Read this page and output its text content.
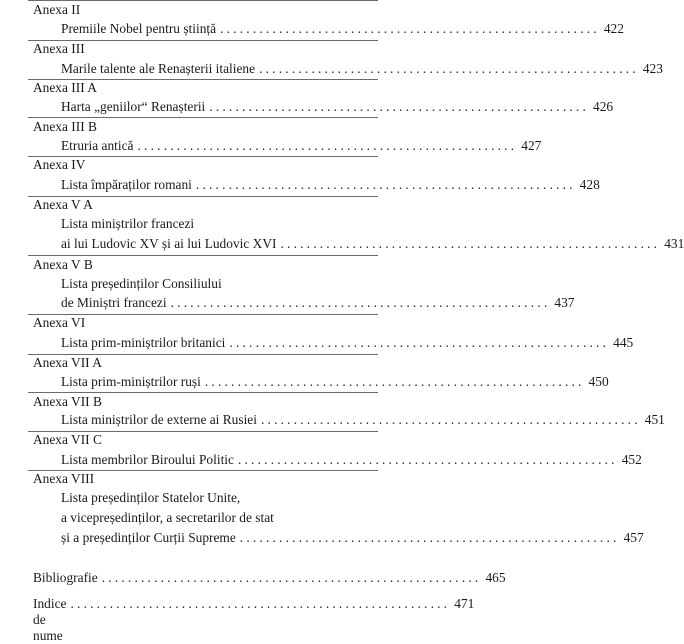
Anexa II
Premiile Nobel pentru știință .......................................................... 422
Anexa III
Marile talente ale Renașterii italiene .......................................................... 423
Anexa III A
Harta „geniilor“ Renașterii .......................................................... 426
Anexa III B
Etruria antică .......................................................... 427
Anexa IV
Lista împăraților romani .......................................................... 428
Anexa V A
Lista miniștrilor francezi
ai lui Ludovic XV și ai lui Ludovic XVI .......................................................... 431
Anexa V B
Lista președinților Consiliului
de Miniștri francezi .......................................................... 437
Anexa VI
Lista prim-miniștrilor britanici .......................................................... 445
Anexa VII A
Lista prim-miniștrilor ruși .......................................................... 450
Anexa VII B
Lista miniștrilor de externe ai Rusiei .......................................................... 451
Anexa VII C
Lista membrilor Biroului Politic .......................................................... 452
Anexa VIII
Lista președinților Statelor Unite,
a vicepreședinților, a secretarilor de stat
și a președinților Curții Supreme .......................................................... 457
Bibliografie .......................................................... 465
Indice de nume
.......................................................... 471
